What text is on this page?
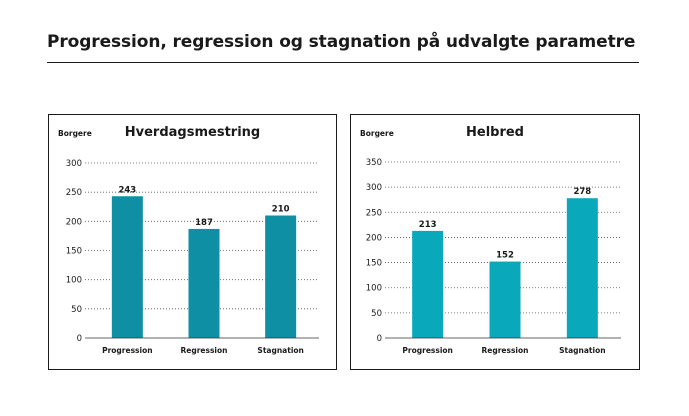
Progression, regression og stagnation på udvalgte parametre
Borgere	Hverdagsmestring
0
50
100
150
200
250
300
243
Progression
187
Regression
210
Stagnation
Borgere	Helbred
0
50
100
150
200
250
300
350
213
Progression
152
Regression
278
Stagnation
